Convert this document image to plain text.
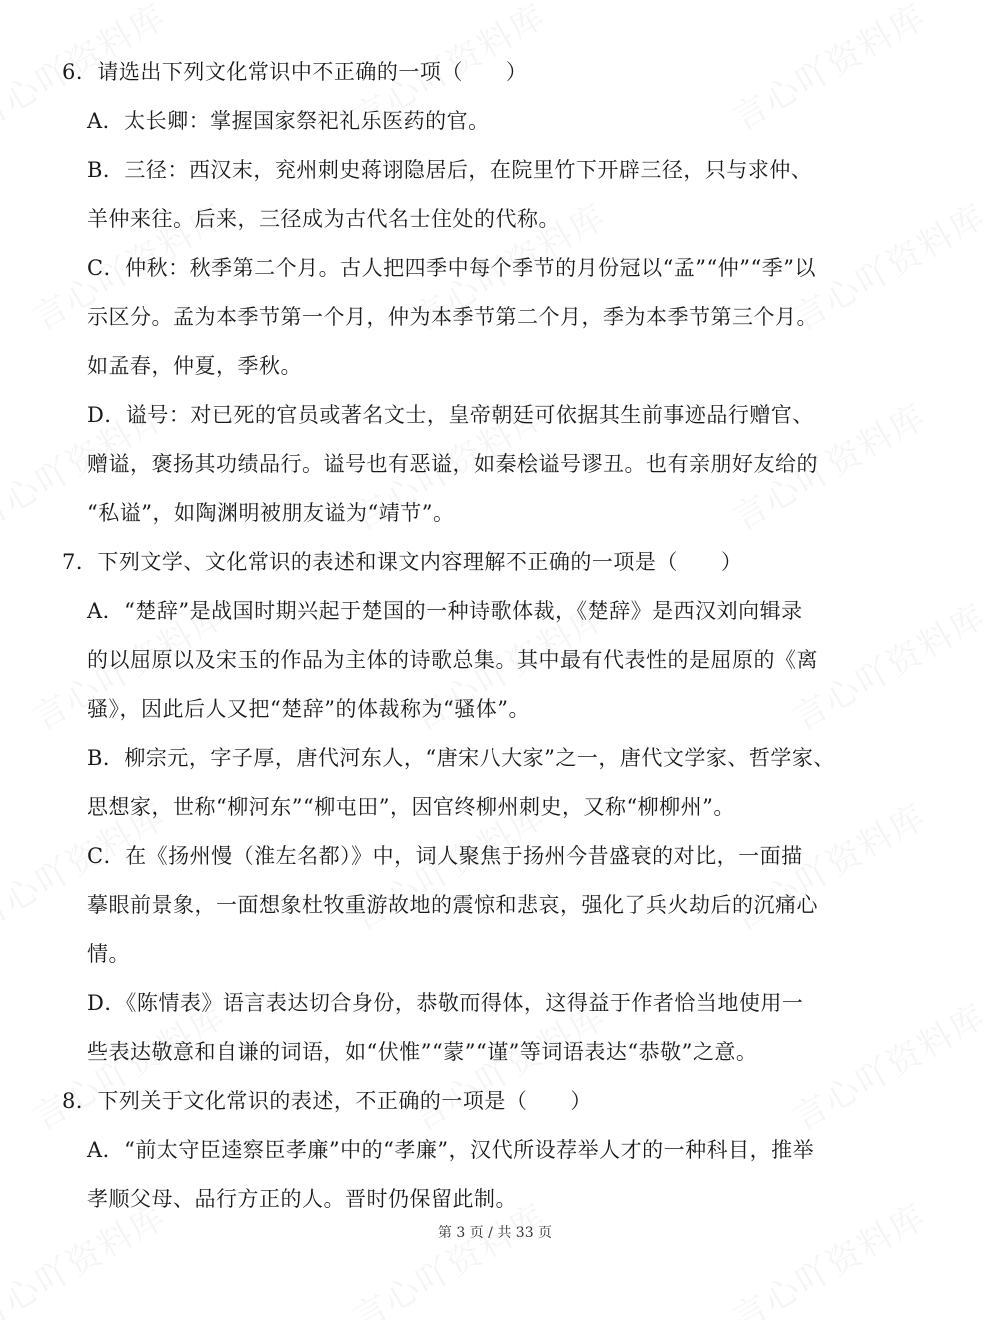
6．请选出下列文化常识中不正确的一项（　　）
A．太长卿：掌握国家祭祀礼乐医药的官。
B．三径：西汉末，兖州刺史蒋诩隐居后，在院里竹下开辟三径，只与求仲、
羊仲来往。后来，三径成为古代名士住处的代称。
C．仲秋：秋季第二个月。古人把四季中每个季节的月份冠以“孟”“仲”“季”以
示区分。孟为本季节第一个月，仲为本季节第二个月，季为本季节第三个月。
如孟春，仲夏，季秋。
D．谥号：对已死的官员或著名文士，皇帝朝廷可依据其生前事迹品行赠官、
赠谥，褒扬其功绩品行。谥号也有恶谥，如秦桧谥号谬丑。也有亲朋好友给的
“私谥”，如陶渊明被朋友谥为“靖节”。
7．下列文学、文化常识的表述和课文内容理解不正确的一项是（　　）
A．“楚辞”是战国时期兴起于楚国的一种诗歌体裁，《楚辞》是西汉刘向辑录
的以屈原以及宋玉的作品为主体的诗歌总集。其中最有代表性的是屈原的《离
骚》，因此后人又把“楚辞”的体裁称为“骚体”。
B．柳宗元，字子厚，唐代河东人，“唐宋八大家”之一，唐代文学家、哲学家、
思想家，世称“柳河东”“柳屯田”，因官终柳州刺史，又称“柳柳州”。
C．在《扬州慢（淮左名都）》中，词人聚焦于扬州今昔盛衰的对比，一面描
摹眼前景象，一面想象杜牧重游故地的震惊和悲哀，强化了兵火劫后的沉痛心
情。
D．《陈情表》语言表达切合身份，恭敬而得体，这得益于作者恰当地使用一
些表达敬意和自谦的词语，如“伏惟”“蒙”“谨”等词语表达“恭敬”之意。
8．下列关于文化常识的表述，不正确的一项是（　　）
A．“前太守臣逵察臣孝廉”中的“孝廉”，汉代所设荐举人才的一种科目，推举
孝顺父母、品行方正的人。晋时仍保留此制。
第 3 页 / 共 33 页
